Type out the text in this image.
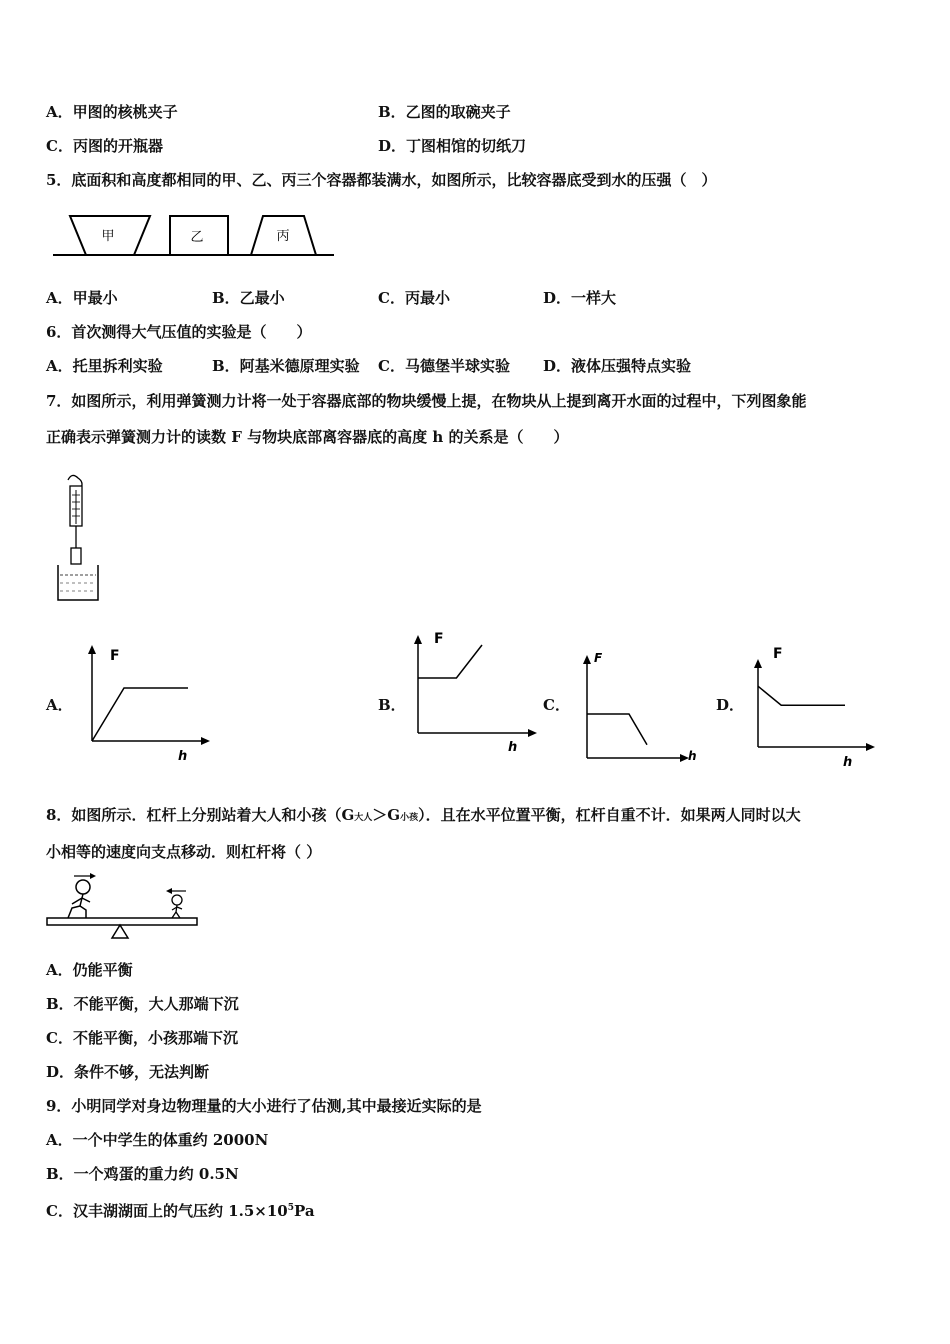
A．甲图的核桃夹子	B．乙图的取碗夹子
C．丙图的开瓶器	D．丁图相馆的切纸刀
5．底面积和高度都相同的甲、乙、丙三个容器都装满水，如图所示，比较容器底受到水的压强（　）
甲	乙	丙
A．甲最小	B．乙最小	C．丙最小	D．一样大
6．首次测得大气压值的实验是（　　）
A．托里拆利实验	B．阿基米德原理实验 C．马德堡半球实验 D．液体压强特点实验
7．如图所示，利用弹簧测力计将一处于容器底部的物块缓慢上提，在物块从上提到离开水面的过程中，下列图象能
正确表示弹簧测力计的读数 F 与物块底部离容器底的高度 h 的关系是（　　）
A．	B．	C．	D．
F
h
F
h
F
h
F
h
8．如图所示．杠杆上分别站着大人和小孩（G大人＞G小孩）．且在水平位置平衡，杠杆自重不计．如果两人同时以大
小相等的速度向支点移动．则杠杆将（ ）
A．仍能平衡
B．不能平衡，大人那端下沉
C．不能平衡，小孩那端下沉
D．条件不够，无法判断
9．小明同学对身边物理量的大小进行了估测,其中最接近实际的是
A．一个中学生的体重约 2000N
B．一个鸡蛋的重力约 0.5N
C．汉丰湖湖面上的气压约 $1.5\times 10^5Pa$
